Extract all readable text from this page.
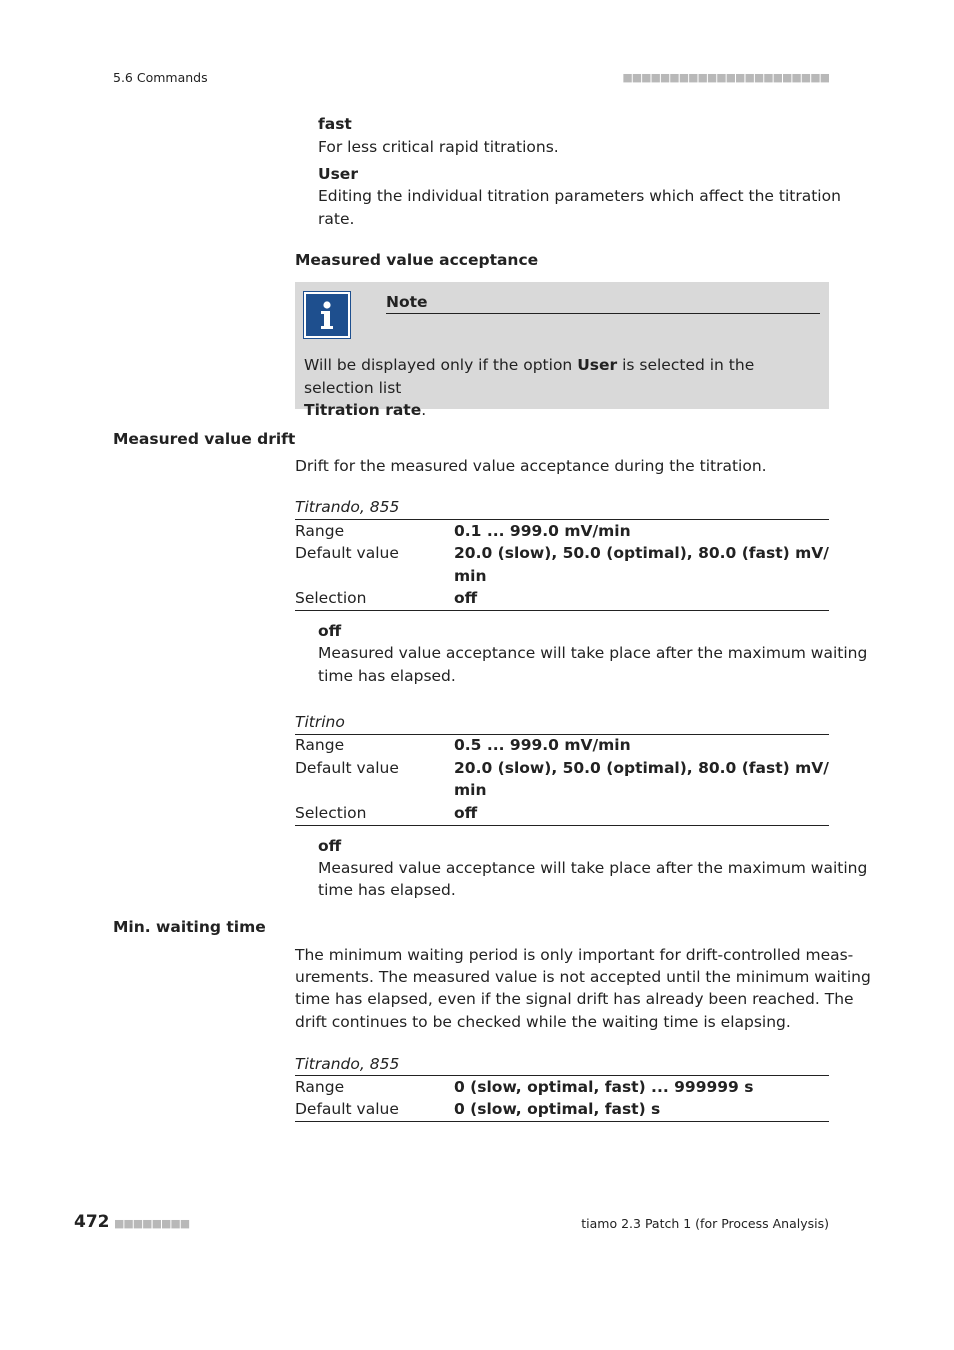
5.6 Commands	■■■■■■■■■■■■■■■■■■■■■■
fast
For less critical rapid titrations.
User
Editing the individual titration parameters which affect the titration
rate.
Measured value acceptance
Note
Will be displayed only if the option User is selected in the selection list
Titration rate.
Measured value drift
Drift for the measured value acceptance during the titration.
Titrando, 855
Range	0.1 ... 999.0 mV/min
Default value	20.0 (slow), 50.0 (optimal), 80.0 (fast) mV/
min
Selection	off
off
Measured value acceptance will take place after the maximum waiting
time has elapsed.
Titrino
Range	0.5 ... 999.0 mV/min
Default value	20.0 (slow), 50.0 (optimal), 80.0 (fast) mV/
min
Selection	off
off
Measured value acceptance will take place after the maximum waiting
time has elapsed.
Min. waiting time
The minimum waiting period is only important for drift-controlled meas-
urements. The measured value is not accepted until the minimum waiting
time has elapsed, even if the signal drift has already been reached. The
drift continues to be checked while the waiting time is elapsing.
Titrando, 855
Range	0 (slow, optimal, fast) ... 999999 s
Default value	0 (slow, optimal, fast) s
472 ■■■■■■■■	tiamo 2.3 Patch 1 (for Process Analysis)
